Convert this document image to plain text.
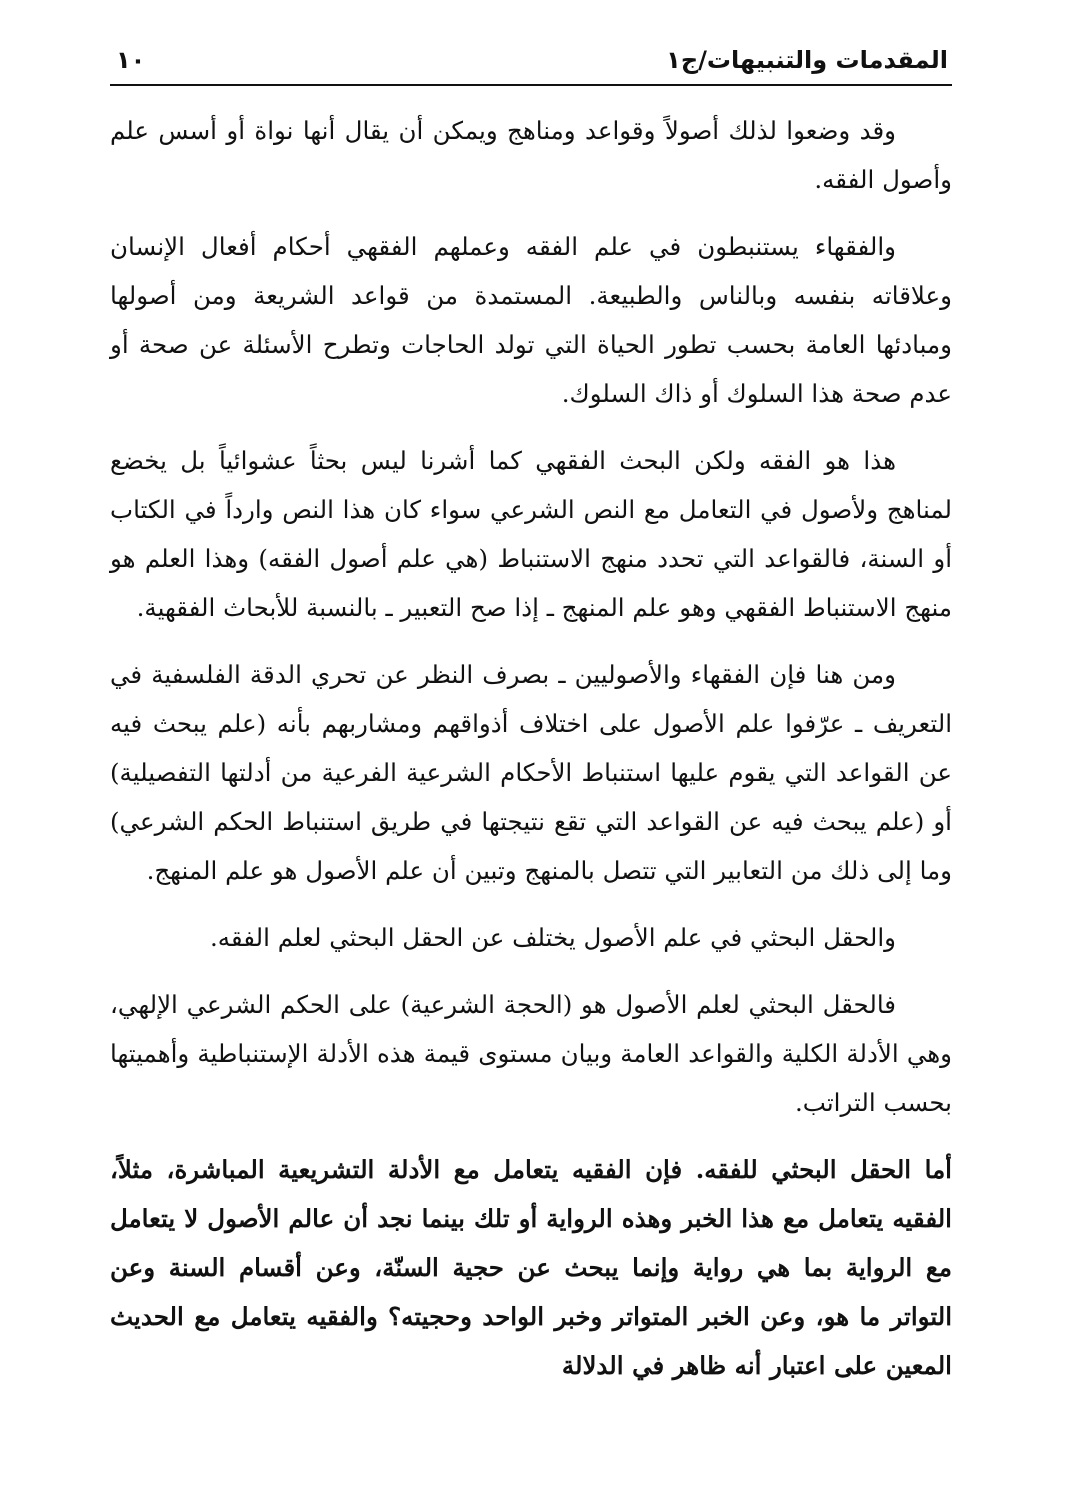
المقدمات والتنبيهات/ج١
١٠

وقد وضعوا لذلك أصولاً وقواعد ومناهج ويمكن أن يقال أنها نواة أو أسس علم وأصول الفقه.

والفقهاء يستنبطون في علم الفقه وعملهم الفقهي أحكام أفعال الإنسان وعلاقاته بنفسه وبالناس والطبيعة. المستمدة من قواعد الشريعة ومن أصولها ومبادئها العامة بحسب تطور الحياة التي تولد الحاجات وتطرح الأسئلة عن صحة أو عدم صحة هذا السلوك أو ذاك السلوك.

هذا هو الفقه ولكن البحث الفقهي كما أشرنا ليس بحثاً عشوائياً بل يخضع لمناهج ولأصول في التعامل مع النص الشرعي سواء كان هذا النص وارداً في الكتاب أو السنة، فالقواعد التي تحدد منهج الاستنباط (هي علم أصول الفقه) وهذا العلم هو منهج الاستنباط الفقهي وهو علم المنهج ـ إذا صح التعبير ـ بالنسبة للأبحاث الفقهية.

ومن هنا فإن الفقهاء والأصوليين ـ بصرف النظر عن تحري الدقة الفلسفية في التعريف ـ عرّفوا علم الأصول على اختلاف أذواقهم ومشاربهم بأنه (علم يبحث فيه عن القواعد التي يقوم عليها استنباط الأحكام الشرعية الفرعية من أدلتها التفصيلية) أو (علم يبحث فيه عن القواعد التي تقع نتيجتها في طريق استنباط الحكم الشرعي) وما إلى ذلك من التعابير التي تتصل بالمنهج وتبين أن علم الأصول هو علم المنهج.

والحقل البحثي في علم الأصول يختلف عن الحقل البحثي لعلم الفقه.

فالحقل البحثي لعلم الأصول هو (الحجة الشرعية) على الحكم الشرعي الإلهي، وهي الأدلة الكلية والقواعد العامة وبيان مستوى قيمة هذه الأدلة الإستنباطية وأهميتها بحسب التراتب.

أما الحقل البحثي للفقه. فإن الفقيه يتعامل مع الأدلة التشريعية المباشرة، مثلاً، الفقيه يتعامل مع هذا الخبر وهذه الرواية أو تلك بينما نجد أن عالم الأصول لا يتعامل مع الرواية بما هي رواية وإنما يبحث عن حجية السنّة، وعن أقسام السنة وعن التواتر ما هو، وعن الخبر المتواتر وخبر الواحد وحجيته؟ والفقيه يتعامل مع الحديث المعين على اعتبار أنه ظاهر في الدلالة
